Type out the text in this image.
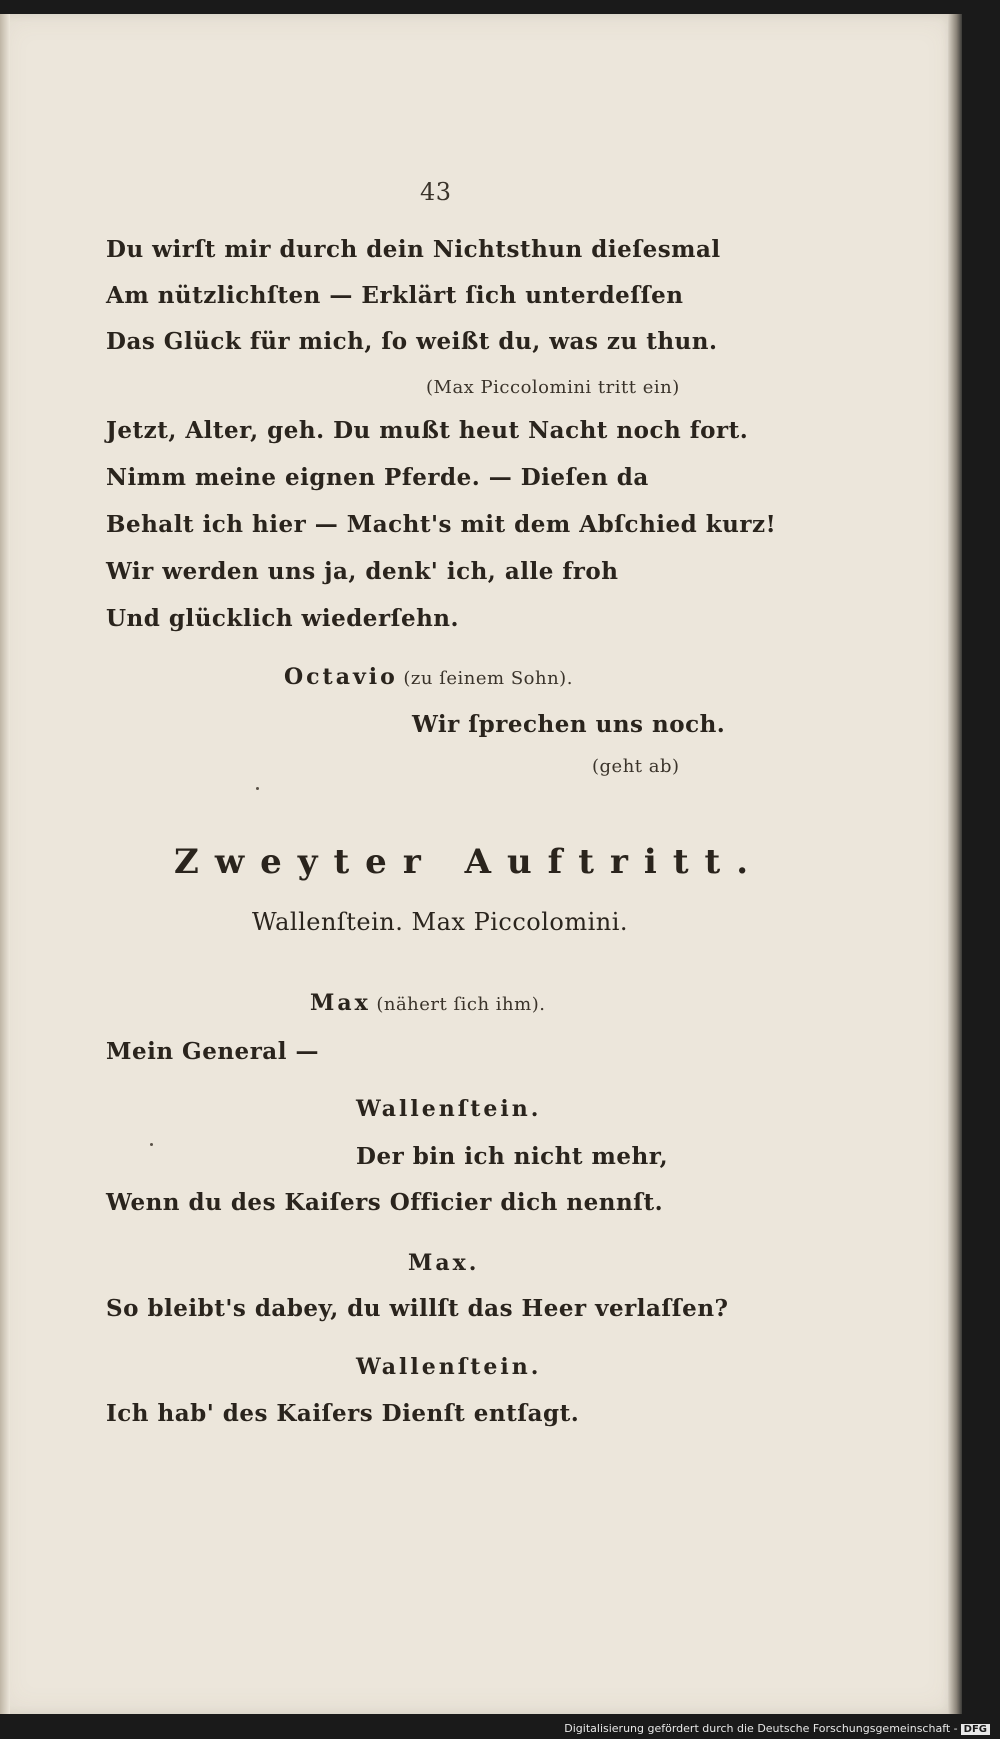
43
Du wirſt mir durch dein Nichtsthun dieſesmal
Am nützlichſten — Erklärt ſich unterdeſſen
Das Glück für mich, ſo weißt du, was zu thun.
(Max Piccolomini tritt ein)
Jetzt, Alter, geh. Du mußt heut Nacht noch fort.
Nimm meine eignen Pferde. — Dieſen da
Behalt ich hier — Macht's mit dem Abſchied kurz!
Wir werden uns ja, denk' ich, alle froh
Und glücklich wiederſehn.
Octavio (zu ſeinem Sohn).
Wir ſprechen uns noch.
(geht ab)
Zweyter Auftritt.
Wallenſtein. Max Piccolomini.
Max (nähert ſich ihm).
Mein General —
Wallenſtein.
Der bin ich nicht mehr,
Wenn du des Kaiſers Officier dich nennſt.
Max.
So bleibt's dabey, du willſt das Heer verlaſſen?
Wallenſtein.
Ich hab' des Kaiſers Dienſt entſagt.
Digitalisierung gefördert durch die Deutsche Forschungsgemeinschaft - DFG
